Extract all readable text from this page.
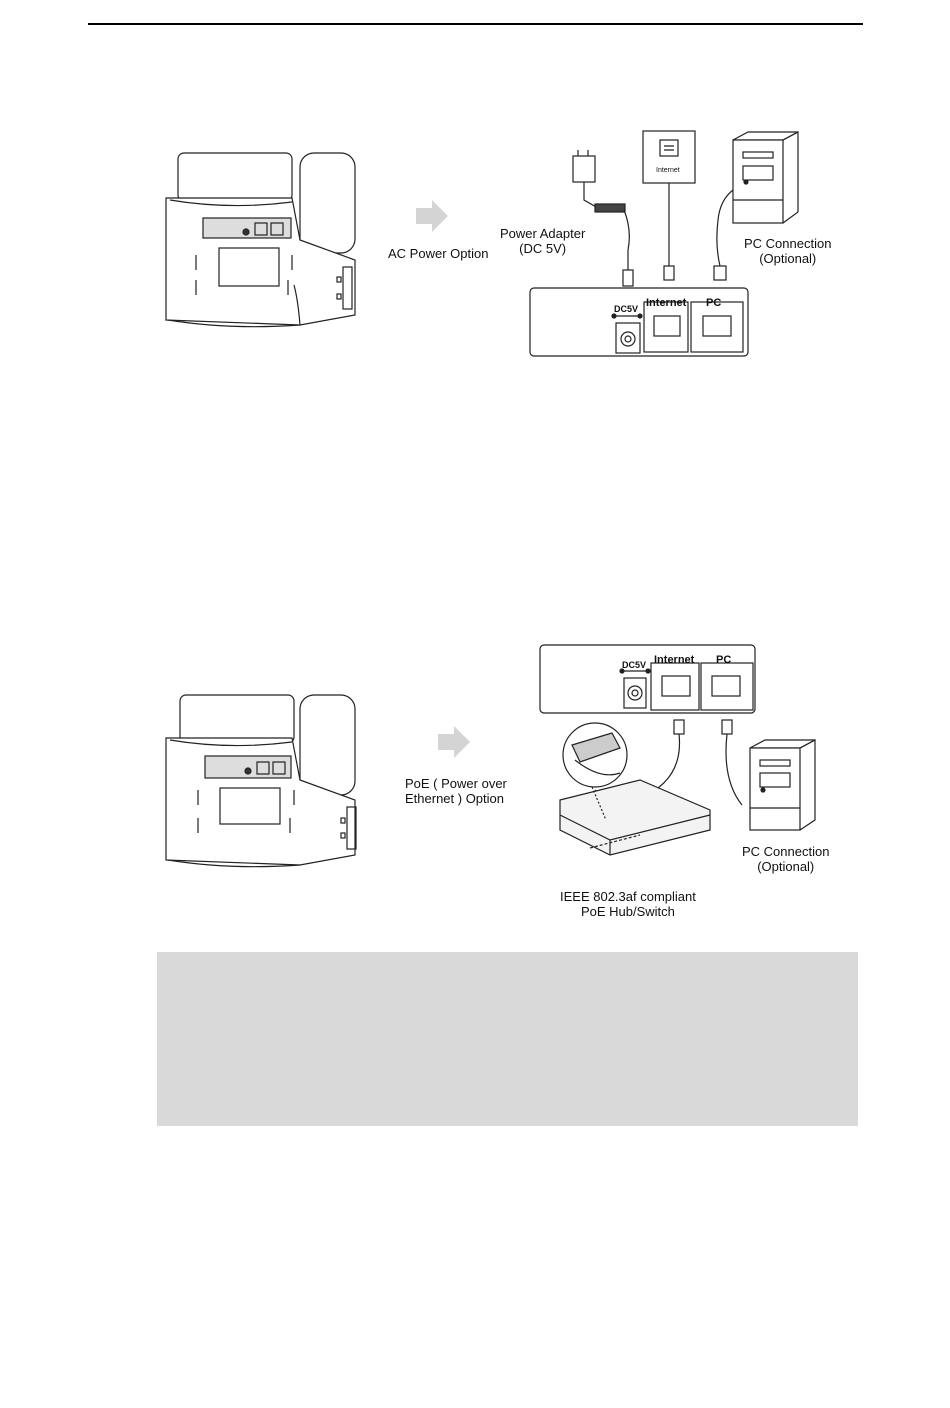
AC Power Option
Power Adapter
(DC 5V)	PC Connection
(Optional)
Internet
DC5V Internet PC
PoE ( Power over
Ethernet ) Option
PC Connection
(Optional)
IEEE 802.3af compliant
PoE Hub/Switch
DC5V Internet PC
